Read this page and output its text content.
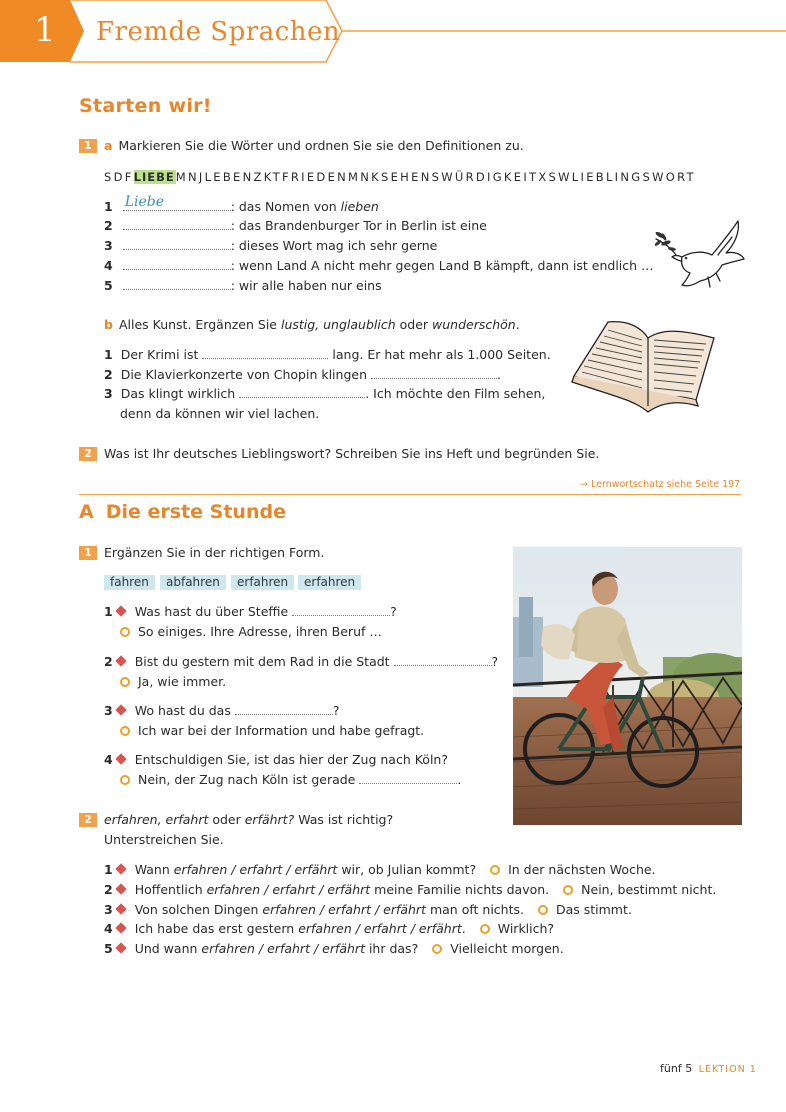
1 Fremde Sprachen
Starten wir!
1 a Markieren Sie die Wörter und ordnen Sie sie den Definitionen zu.
SDFLIEBEMNJLEBENZKTFRIEDENMNKSEHENSWÜRDIGKEITXSWLIEBLINGSWORT
1 Liebe	: das Nomen von lieben
2	: das Brandenburger Tor in Berlin ist eine
3	: dieses Wort mag ich sehr gerne
4	: wenn Land A nicht mehr gegen Land B kämpft, dann ist endlich …
5	: wir alle haben nur eins
b Alles Kunst. Ergänzen Sie lustig, unglaublich oder wunderschön.
1 Der Krimi ist	lang. Er hat mehr als 1.000 Seiten.
2 Die Klavierkonzerte von Chopin klingen	.
3 Das klingt wirklich	. Ich möchte den Film sehen,
denn da können wir viel lachen.
2 Was ist Ihr deutsches Lieblingswort? Schreiben Sie ins Heft und begründen Sie.
→ Lernwortschatz siehe Seite 197
A Die erste Stunde
1 Ergänzen Sie in der richtigen Form.
fahren	abfahren	erfahren	erfahren
1 Was hast du über Steffie	?
So einiges. Ihre Adresse, ihren Beruf …
2 Bist du gestern mit dem Rad in die Stadt	?
Ja, wie immer.
3 Wo hast du das	?
Ich war bei der Information und habe gefragt.
4 Entschuldigen Sie, ist das hier der Zug nach Köln?
Nein, der Zug nach Köln ist gerade	.
2 erfahren, erfahrt oder erfährt? Was ist richtig?
Unterstreichen Sie.
1 Wann erfahren / erfahrt / erfährt wir, ob Julian kommt?	In der nächsten Woche.
2 Hoffentlich erfahren / erfahrt / erfährt meine Familie nichts davon.	Nein, bestimmt nicht.
3 Von solchen Dingen erfahren / erfahrt / erfährt man oft nichts.	Das stimmt.
4 Ich habe das erst gestern erfahren / erfahrt / erfährt.	Wirklich?
5 Und wann erfahren / erfahrt / erfährt ihr das?	Vielleicht morgen.
fünf 5 LEKTION 1
